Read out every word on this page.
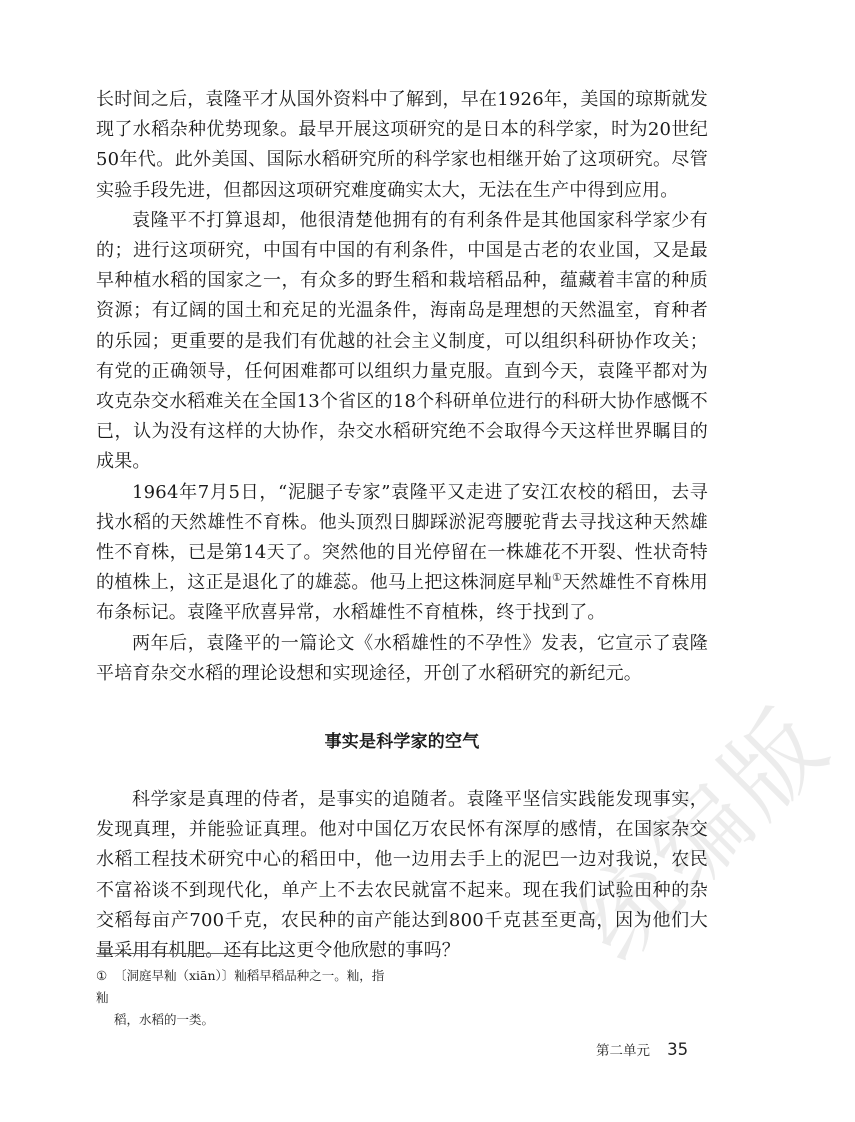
统编版

长时间之后，袁隆平才从国外资料中了解到，早在1926年，美国的琼斯就发现了水稻杂种优势现象。最早开展这项研究的是日本的科学家，时为20世纪50年代。此外美国、国际水稻研究所的科学家也相继开始了这项研究。尽管实验手段先进，但都因这项研究难度确实太大，无法在生产中得到应用。

袁隆平不打算退却，他很清楚他拥有的有利条件是其他国家科学家少有的；进行这项研究，中国有中国的有利条件，中国是古老的农业国，又是最早种植水稻的国家之一，有众多的野生稻和栽培稻品种，蕴藏着丰富的种质资源；有辽阔的国土和充足的光温条件，海南岛是理想的天然温室，育种者的乐园；更重要的是我们有优越的社会主义制度，可以组织科研协作攻关；有党的正确领导，任何困难都可以组织力量克服。直到今天，袁隆平都对为攻克杂交水稻难关在全国13个省区的18个科研单位进行的科研大协作感慨不已，认为没有这样的大协作，杂交水稻研究绝不会取得今天这样世界瞩目的成果。

1964年7月5日，“泥腿子专家”袁隆平又走进了安江农校的稻田，去寻找水稻的天然雄性不育株。他头顶烈日脚踩淤泥弯腰驼背去寻找这种天然雄性不育株，已是第14天了。突然他的目光停留在一株雄花不开裂、性状奇特的植株上，这正是退化了的雄蕊。他马上把这株洞庭早籼①天然雄性不育株用布条标记。袁隆平欣喜异常，水稻雄性不育植株，终于找到了。

两年后，袁隆平的一篇论文《水稻雄性的不孕性》发表，它宣示了袁隆平培育杂交水稻的理论设想和实现途径，开创了水稻研究的新纪元。

事实是科学家的空气

科学家是真理的侍者，是事实的追随者。袁隆平坚信实践能发现事实，发现真理，并能验证真理。他对中国亿万农民怀有深厚的感情，在国家杂交水稻工程技术研究中心的稻田中，他一边用去手上的泥巴一边对我说，农民不富裕谈不到现代化，单产上不去农民就富不起来。现在我们试验田种的杂交稻每亩产700千克，农民种的亩产能达到800千克甚至更高，因为他们大量采用有机肥。还有比这更令他欣慰的事吗？

① 〔洞庭早籼（xiān）〕籼稻早稻品种之一。籼，指籼
稻，水稻的一类。
第二单元 35
